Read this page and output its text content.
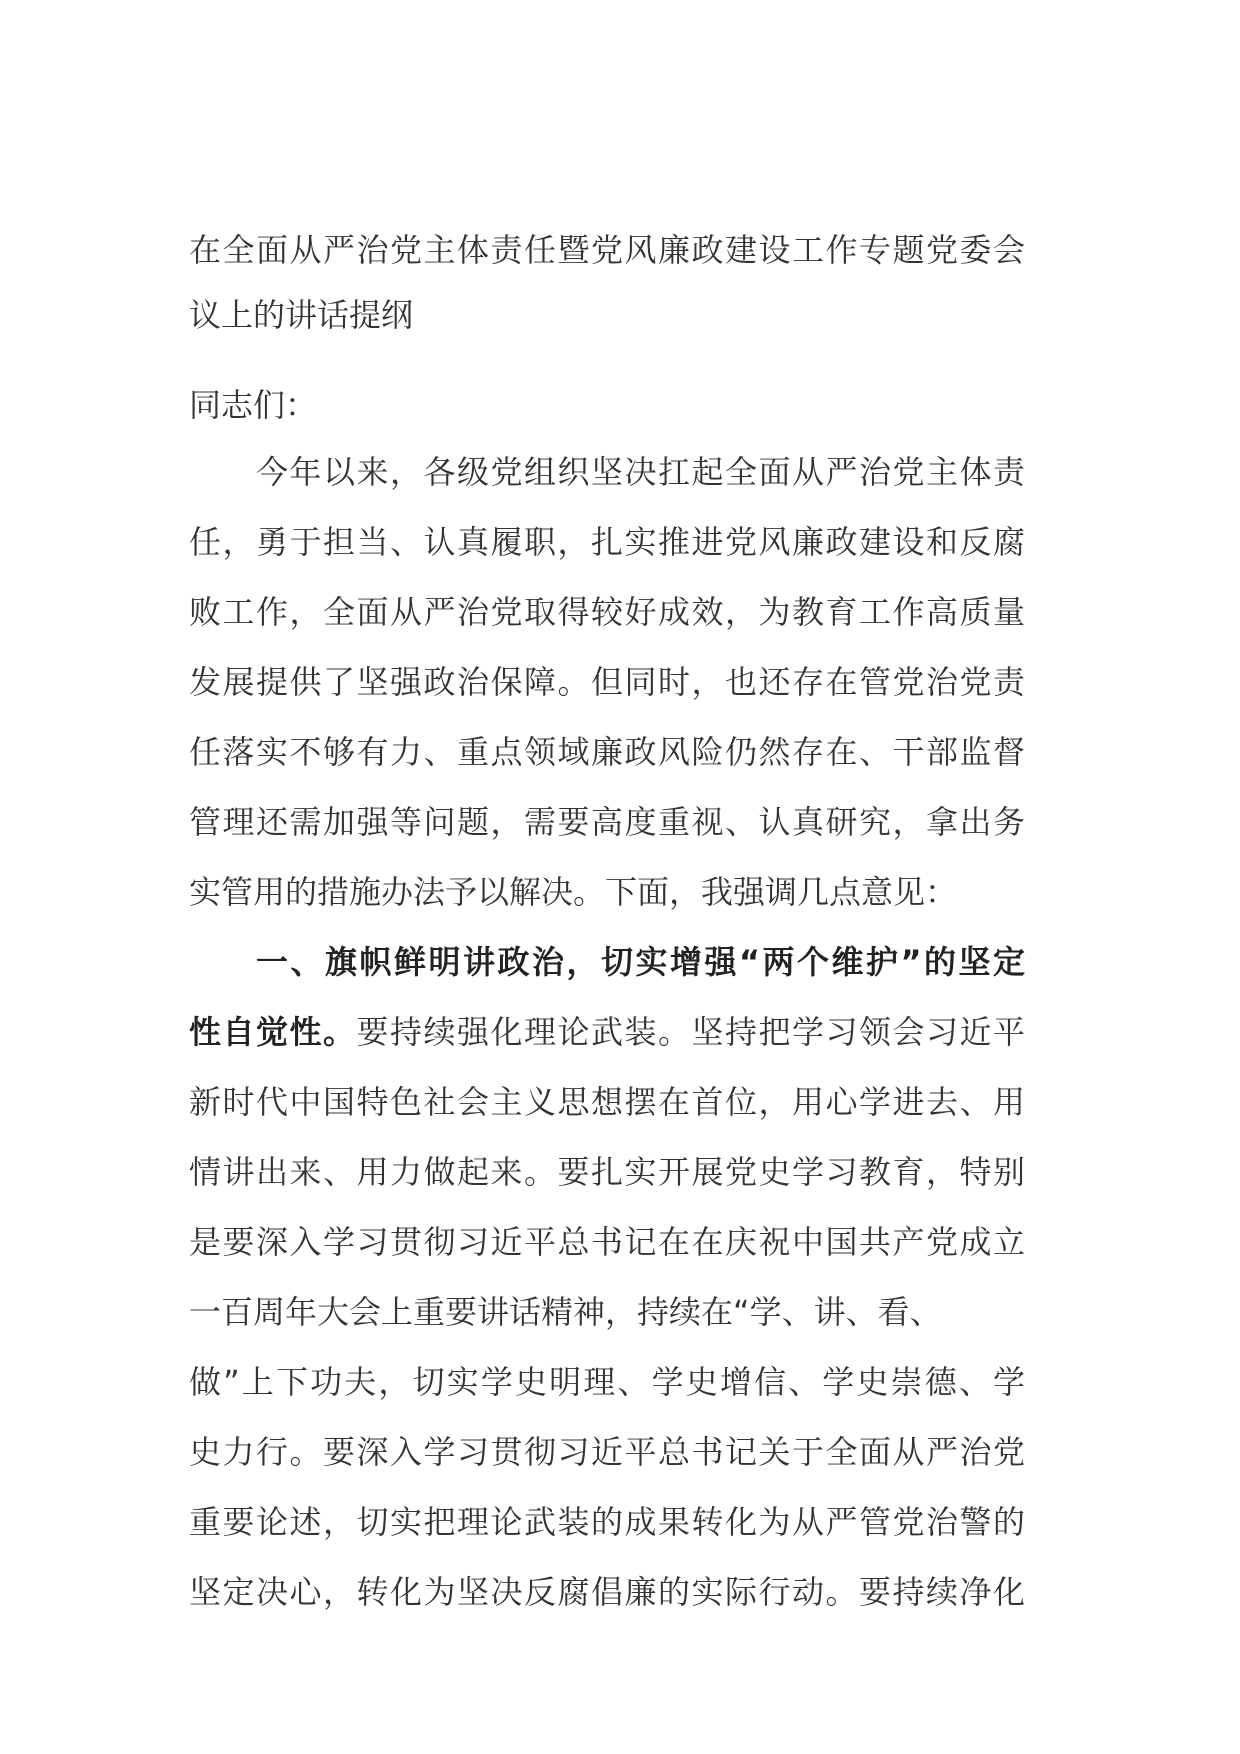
在全面从严治党主体责任暨党风廉政建设工作专题党委会
议上的讲话提纲
同志们：
今年以来，各级党组织坚决扛起全面从严治党主体责
任，勇于担当、认真履职，扎实推进党风廉政建设和反腐
败工作，全面从严治党取得较好成效，为教育工作高质量
发展提供了坚强政治保障。但同时，也还存在管党治党责
任落实不够有力、重点领域廉政风险仍然存在、干部监督
管理还需加强等问题，需要高度重视、认真研究，拿出务
实管用的措施办法予以解决。下面，我强调几点意见：
一、旗帜鲜明讲政治，切实增强“两个维护”的坚定
性自觉性。要持续强化理论武装。坚持把学习领会习近平
新时代中国特色社会主义思想摆在首位，用心学进去、用
情讲出来、用力做起来。要扎实开展党史学习教育，特别
是要深入学习贯彻习近平总书记在在庆祝中国共产党成立
一百周年大会上重要讲话精神，持续在“学、讲、看、
做”上下功夫，切实学史明理、学史增信、学史崇德、学
史力行。要深入学习贯彻习近平总书记关于全面从严治党
重要论述，切实把理论武装的成果转化为从严管党治警的
坚定决心，转化为坚决反腐倡廉的实际行动。要持续净化
